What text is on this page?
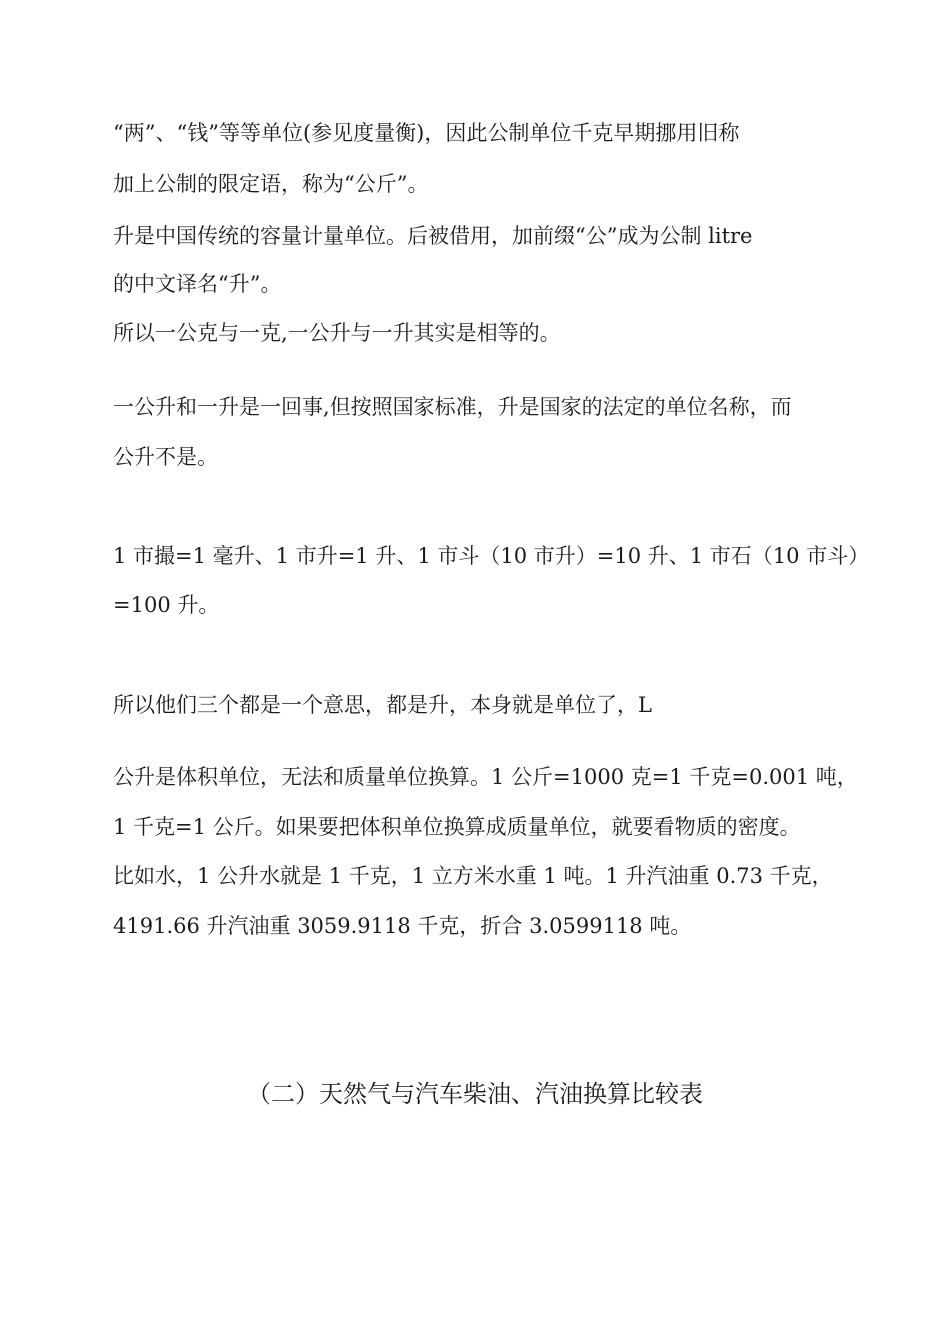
“两”、“钱”等等单位(参见度量衡)，因此公制单位千克早期挪用旧称
加上公制的限定语，称为“公斤”。
升是中国传统的容量计量单位。后被借用，加前缀“公”成为公制 litre
的中文译名“升”。
所以一公克与一克,一公升与一升其实是相等的。
一公升和一升是一回事,但按照国家标准，升是国家的法定的单位名称，而
公升不是。
1 市撮=1 毫升、1 市升=1 升、1 市斗（10 市升）=10 升、1 市石（10 市斗）
=100 升。
所以他们三个都是一个意思，都是升，本身就是单位了，L
公升是体积单位，无法和质量单位换算。1 公斤=1000 克=1 千克=0.001 吨，
1 千克=1 公斤。如果要把体积单位换算成质量单位，就要看物质的密度。
比如水，1 公升水就是 1 千克，1 立方米水重 1 吨。1 升汽油重 0.73 千克，
4191.66 升汽油重 3059.9118 千克，折合 3.0599118 吨。
（二）天然气与汽车柴油、汽油换算比较表
